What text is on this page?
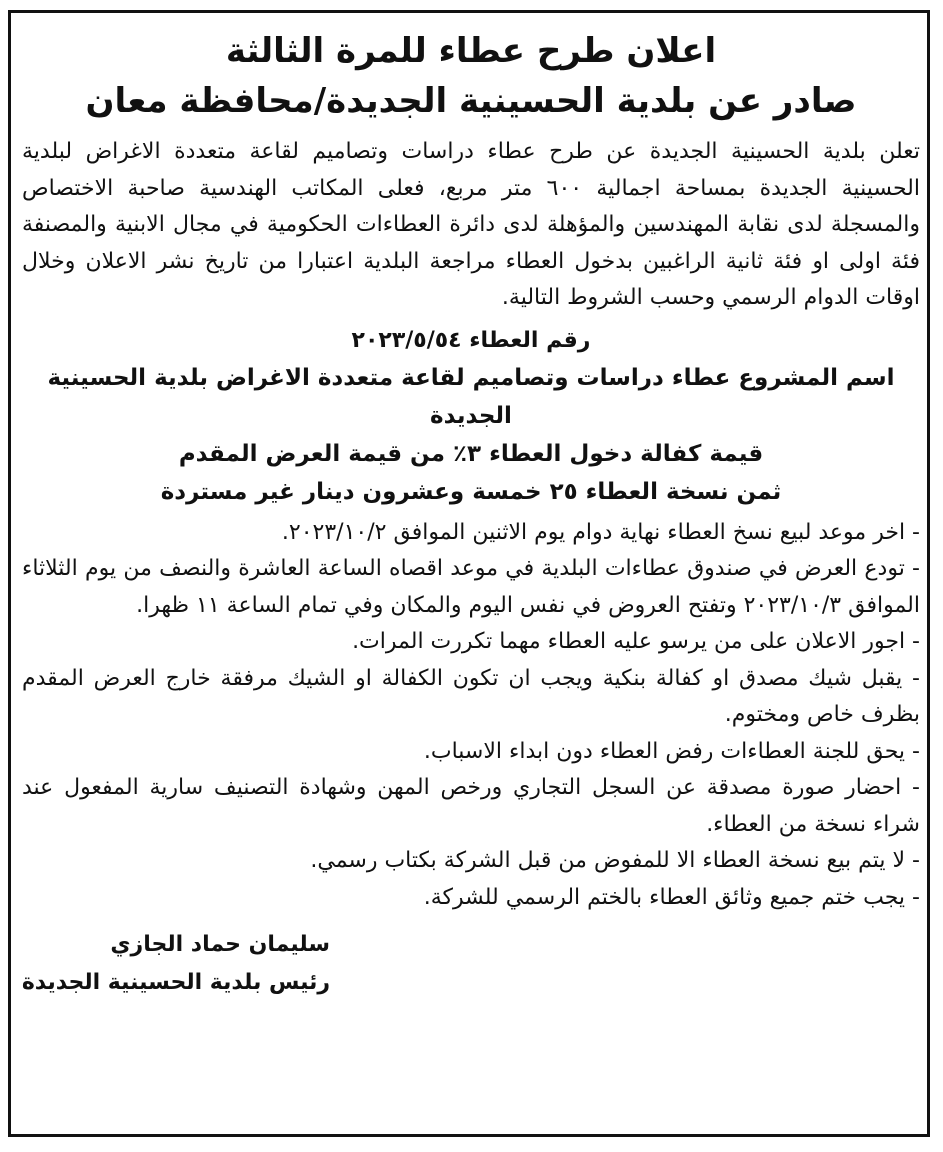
اعلان طرح عطاء للمرة الثالثة
صادر عن بلدية الحسينية الجديدة/محافظة معان

تعلن بلدية الحسينية الجديدة عن طرح عطاء دراسات وتصاميم لقاعة متعددة الاغراض لبلدية الحسينية الجديدة بمساحة اجمالية ٦٠٠ متر مربع، فعلى المكاتب الهندسية صاحبة الاختصاص والمسجلة لدى نقابة المهندسين والمؤهلة لدى دائرة العطاءات الحكومية في مجال الابنية والمصنفة فئة اولى او فئة ثانية الراغبين بدخول العطاء مراجعة البلدية اعتبارا من تاريخ نشر الاعلان وخلال اوقات الدوام الرسمي وحسب الشروط التالية.

رقم العطاء ٢٠٢٣/٥/٥٤

اسم المشروع عطاء دراسات وتصاميم لقاعة متعددة الاغراض بلدية الحسينية الجديدة

قيمة كفالة دخول العطاء ٣٪ من قيمة العرض المقدم

ثمن نسخة العطاء ٢٥ خمسة وعشرون دينار غير مستردة

- اخر موعد لبيع نسخ العطاء نهاية دوام يوم الاثنين الموافق ٢٠٢٣/١٠/٢.
- تودع العرض في صندوق عطاءات البلدية في موعد اقصاه الساعة العاشرة والنصف من يوم الثلاثاء الموافق ٢٠٢٣/١٠/٣ وتفتح العروض في نفس اليوم والمكان وفي تمام الساعة ١١ ظهرا.
- اجور الاعلان على من يرسو عليه العطاء مهما تكررت المرات.
- يقبل شيك مصدق او كفالة بنكية ويجب ان تكون الكفالة او الشيك مرفقة خارج العرض المقدم بظرف خاص ومختوم.
- يحق للجنة العطاءات رفض العطاء دون ابداء الاسباب.
- احضار صورة مصدقة عن السجل التجاري ورخص المهن وشهادة التصنيف سارية المفعول عند شراء نسخة من العطاء.
- لا يتم بيع نسخة العطاء الا للمفوض من قبل الشركة بكتاب رسمي.
- يجب ختم جميع وثائق العطاء بالختم الرسمي للشركة.
سليمان حماد الجازي
رئيس بلدية الحسينية الجديدة
